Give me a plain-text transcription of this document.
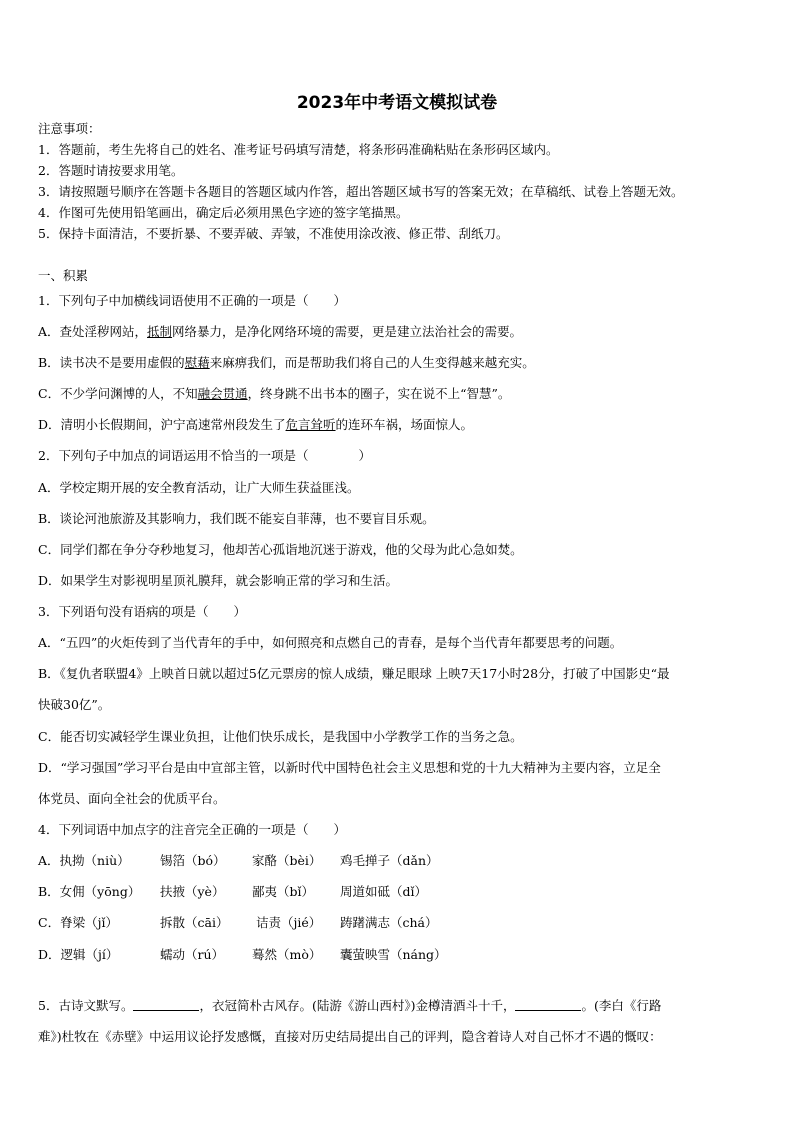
2023年中考语文模拟试卷
注意事项：
1．答题前，考生先将自己的姓名、准考证号码填写清楚，将条形码准确粘贴在条形码区域内。
2．答题时请按要求用笔。
3．请按照题号顺序在答题卡各题目的答题区域内作答，超出答题区域书写的答案无效；在草稿纸、试卷上答题无效。
4．作图可先使用铅笔画出，确定后必须用黑色字迹的签字笔描黑。
5．保持卡面清洁，不要折暴、不要弄破、弄皱，不准使用涂改液、修正带、刮纸刀。
一、积累
1．下列句子中加横线词语使用不正确的一项是（　　）
A．查处淫秽网站，抵制网络暴力，是净化网络环境的需要，更是建立法治社会的需要。
B．读书决不是要用虚假的慰藉来麻痹我们，而是帮助我们将自己的人生变得越来越充实。
C．不少学问渊博的人，不知融会贯通，终身跳不出书本的圈子，实在说不上“智慧”。
D．清明小长假期间，沪宁高速常州段发生了危言耸听的连环车祸，场面惊人。
2．下列句子中加点的词语运用不恰当的一项是（　　　　）
A．学校定期开展的安全教育活动，让广大师生获益匪浅。
B．谈论河池旅游及其影响力，我们既不能妄自菲薄，也不要盲目乐观。
C．同学们都在争分夺秒地复习，他却苦心孤诣地沉迷于游戏，他的父母为此心急如焚。
D．如果学生对影视明星顶礼膜拜，就会影响正常的学习和生活。
3．下列语句没有语病的项是（　　）
A．“五四”的火炬传到了当代青年的手中，如何照亮和点燃自己的青春，是每个当代青年都要思考的问题。
B．《复仇者联盟4》上映首日就以超过5亿元票房的惊人成绩，赚足眼球 上映7天17小时28分，打破了中国影史“最
快破30亿”。
C．能否切实减轻学生课业负担，让他们快乐成长，是我国中小学教学工作的当务之急。
D．“学习强国”学习平台是由中宣部主管，以新时代中国特色社会主义思想和党的十九大精神为主要内容，立足全
体党员、面向全社会的优质平台。
4．下列词语中加点字的注音完全正确的一项是（　　）
A．执拗（niù） 锡箔（bó） 家酪（bèi） 鸡毛掸子（dǎn）
B．女佣（yōng） 扶掖（yè） 鄙夷（bǐ） 周道如砥（dǐ）
C．脊梁（jǐ）	拆散（cāi） 诘责（jié） 踌躇满志（chá）
D．逻辑（jí）	蠕动（rú） 蓦然（mò） 囊萤映雪（náng）
5．古诗文默写。	，衣冠简朴古风存。(陆游《游山西村》)金樽清酒斗十千，	。(李白《行路
难》)杜牧在《赤壁》中运用议论抒发感慨，直接对历史结局提出自己的评判，隐含着诗人对自己怀才不遇的慨叹：
